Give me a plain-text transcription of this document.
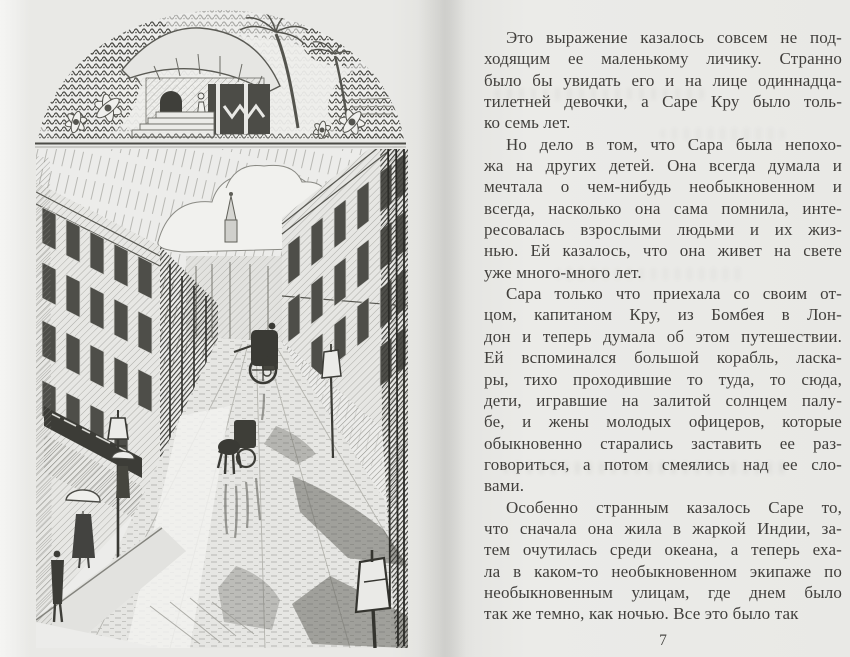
Это выражение казалось совсем не под-
ходящим ее маленькому личику. Странно
было бы увидать его и на лице одиннадца-
тилетней девочки, а Саре Кру было толь-
ко семь лет.
Но дело в том, что Сара была непохо-
жа на других детей. Она всегда думала и
мечтала о чем-нибудь необыкновенном и
всегда, насколько она сама помнила, инте-
ресовалась взрослыми людьми и их жиз-
нью. Ей казалось, что она живет на свете
уже много-много лет.
Сара только что приехала со своим от-
цом, капитаном Кру, из Бомбея в Лон-
дон и теперь думала об этом путешествии.
Ей вспоминался большой корабль, ласка-
ры, тихо проходившие то туда, то сюда,
дети, игравшие на залитой солнцем палу-
бе, и жены молодых офицеров, которые
обыкновенно старались заставить ее раз-
говориться, а потом смеялись над ее сло-
вами.
Особенно странным казалось Саре то,
что сначала она жила в жаркой Индии, за-
тем очутилась среди океана, а теперь еха-
ла в каком-то необыкновенном экипаже по
необыкновенным улицам, где днем было
так же темно, как ночью. Все это было так
7
